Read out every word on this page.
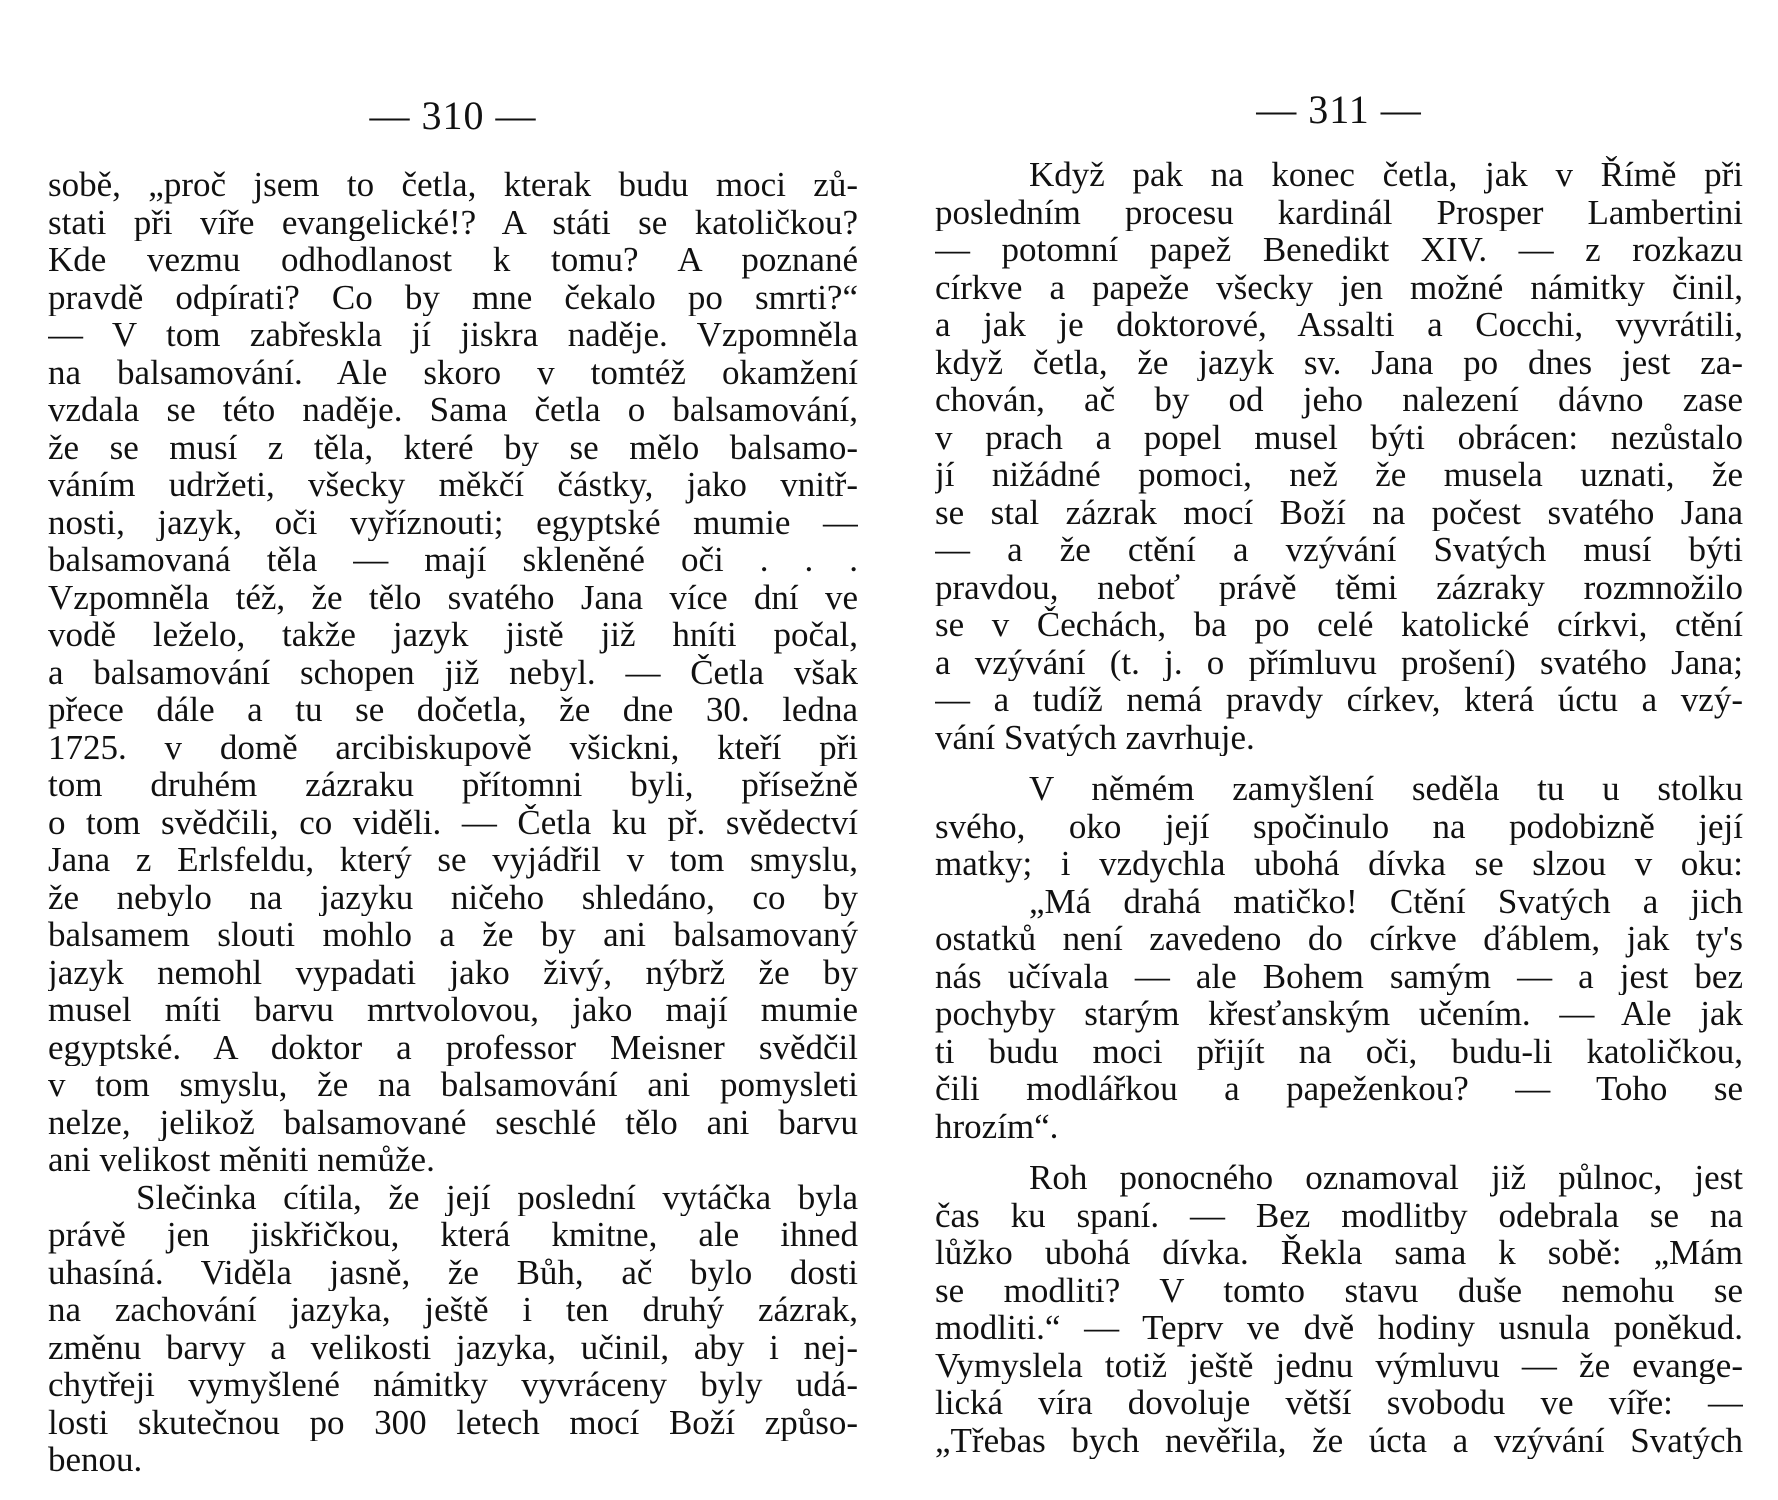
— 310 —
sobě, „proč jsem to četla, kterak budu moci zů-
stati při víře evangelické!? A státi se katoličkou?
Kde vezmu odhodlanost k tomu? A poznané
pravdě odpírati? Co by mne čekalo po smrti?“
— V tom zabřeskla jí jiskra naděje. Vzpomněla
na balsamování. Ale skoro v tomtéž okamžení
vzdala se této naděje. Sama četla o balsamování,
že se musí z těla, které by se mělo balsamo-
váním udržeti, všecky měkčí částky, jako vnitř-
nosti, jazyk, oči vyříznouti; egyptské mumie —
balsamovaná těla — mají skleněné oči . . .
Vzpomněla též, že tělo svatého Jana více dní ve
vodě leželo, takže jazyk jistě již hníti počal,
a balsamování schopen již nebyl. — Četla však
přece dále a tu se dočetla, že dne 30. ledna
1725. v domě arcibiskupově všickni, kteří při
tom druhém zázraku přítomni byli, přísežně
o tom svědčili, co viděli. — Četla ku př. svědectví
Jana z Erlsfeldu, který se vyjádřil v tom smyslu,
že nebylo na jazyku ničeho shledáno, co by
balsamem slouti mohlo a že by ani balsamovaný
jazyk nemohl vypadati jako živý, nýbrž že by
musel míti barvu mrtvolovou, jako mají mumie
egyptské. A doktor a professor Meisner svědčil
v tom smyslu, že na balsamování ani pomysleti
nelze, jelikož balsamované seschlé tělo ani barvu
ani velikost měniti nemůže.
Slečinka cítila, že její poslední vytáčka byla
právě jen jiskřičkou, která kmitne, ale ihned
uhasíná. Viděla jasně, že Bůh, ač bylo dosti
na zachování jazyka, ještě i ten druhý zázrak,
změnu barvy a velikosti jazyka, učinil, aby i nej-
chytřeji vymyšlené námitky vyvráceny byly udá-
losti skutečnou po 300 letech mocí Boží způso-
benou.
— 311 —
Když pak na konec četla, jak v Římě při
posledním procesu kardinál Prosper Lambertini
— potomní papež Benedikt XIV. — z rozkazu
církve a papeže všecky jen možné námitky činil,
a jak je doktorové, Assalti a Cocchi, vyvrátili,
když četla, že jazyk sv. Jana po dnes jest za-
chován, ač by od jeho nalezení dávno zase
v prach a popel musel býti obrácen: nezůstalo
jí nižádné pomoci, než že musela uznati, že
se stal zázrak mocí Boží na počest svatého Jana
— a že ctění a vzývání Svatých musí býti
pravdou, neboť právě těmi zázraky rozmnožilo
se v Čechách, ba po celé katolické církvi, ctění
a vzývání (t. j. o přímluvu prošení) svatého Jana;
— a tudíž nemá pravdy církev, která úctu a vzý-
vání Svatých zavrhuje.
V němém zamyšlení seděla tu u stolku
svého, oko její spočinulo na podobizně její
matky; i vzdychla ubohá dívka se slzou v oku:
„Má drahá matičko! Ctění Svatých a jich
ostatků není zavedeno do církve ďáblem, jak ty's
nás učívala — ale Bohem samým — a jest bez
pochyby starým křesťanským učením. — Ale jak
ti budu moci přijít na oči, budu-li katoličkou,
čili modlářkou a papeženkou? — Toho se
hrozím“.
Roh ponocného oznamoval již půlnoc, jest
čas ku spaní. — Bez modlitby odebrala se na
lůžko ubohá dívka. Řekla sama k sobě: „Mám
se modliti? V tomto stavu duše nemohu se
modliti.“ — Teprv ve dvě hodiny usnula poněkud.
Vymyslela totiž ještě jednu výmluvu — že evange-
lická víra dovoluje větší svobodu ve víře: —
„Třebas bych nevěřila, že úcta a vzývání Svatých
